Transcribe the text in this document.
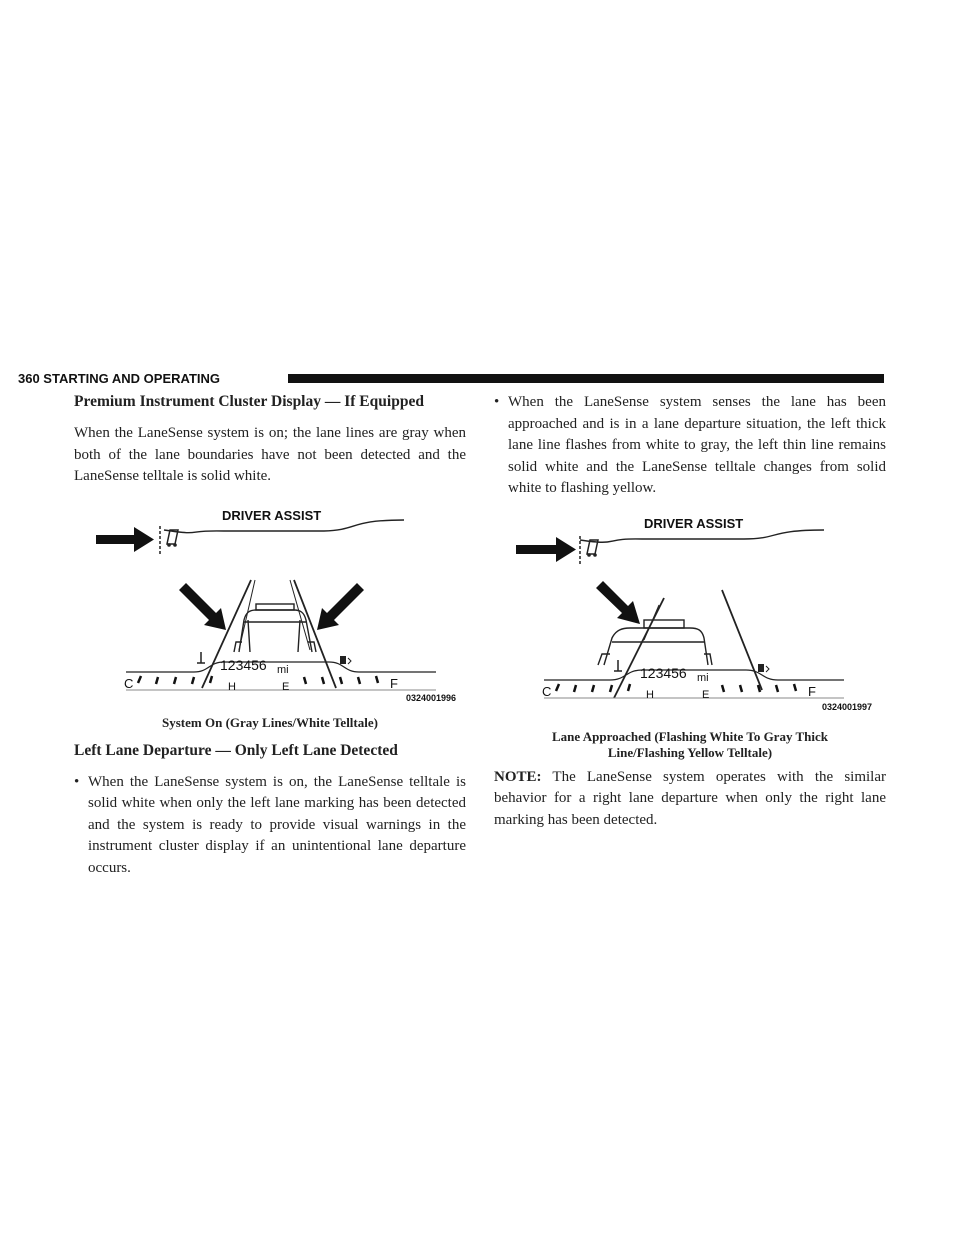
360 STARTING AND OPERATING
Premium Instrument Cluster Display — If Equipped

When the LaneSense system is on; the lane lines are gray when both of the lane boundaries have not been detected and the LaneSense telltale is solid white.

DRIVER ASSIST
123456 mi
C	H	E	F
0324001996
System On (Gray Lines/White Telltale)
Left Lane Departure — Only Left Lane Detected
• When the LaneSense system is on, the LaneSense telltale is solid white when only the left lane marking has been detected and the system is ready to provide visual warnings in the instrument cluster display if an unintentional lane departure occurs.
• When the LaneSense system senses the lane has been approached and is in a lane departure situation, the left thick lane line flashes from white to gray, the left thin line remains solid white and the LaneSense telltale changes from solid white to flashing yellow.
DRIVER ASSIST
123456 mi
C	H	E	F
0324001997
Lane Approached (Flashing White To Gray Thick
Line/Flashing Yellow Telltale)

NOTE: The LaneSense system operates with the similar behavior for a right lane departure when only the right lane marking has been detected.
